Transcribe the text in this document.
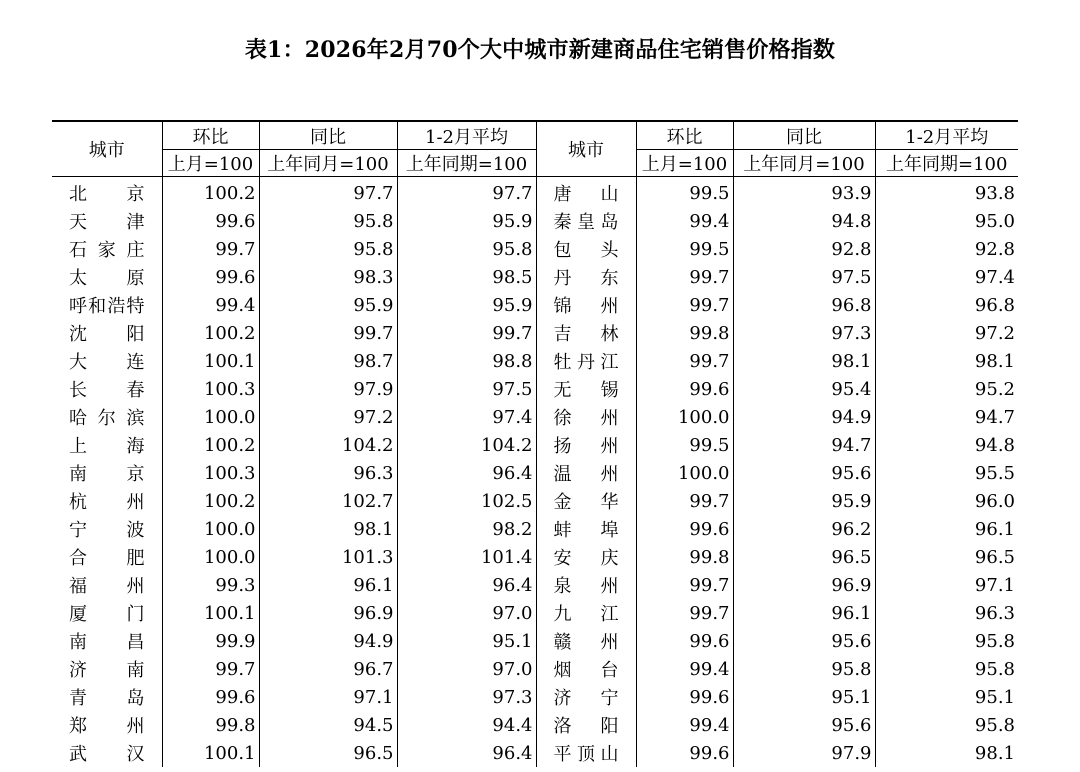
表1：2026年2月70个大中城市新建商品住宅销售价格指数
城市	环比	同比	1-2月平均	城市	环比	同比	1-2月平均
	上月=100	上年同月=100	上年同期=100		上月=100	上年同月=100	上年同期=100
北京	100.2	97.7	97.7	唐山	99.5	93.9	93.8
天津	99.6	95.8	95.9	秦皇岛	99.4	94.8	95.0
石家庄	99.7	95.8	95.8	包头	99.5	92.8	92.8
太原	99.6	98.3	98.5	丹东	99.7	97.5	97.4
呼和浩特	99.4	95.9	95.9	锦州	99.7	96.8	96.8
沈阳	100.2	99.7	99.7	吉林	99.8	97.3	97.2
大连	100.1	98.7	98.8	牡丹江	99.7	98.1	98.1
长春	100.3	97.9	97.5	无锡	99.6	95.4	95.2
哈尔滨	100.0	97.2	97.4	徐州	100.0	94.9	94.7
上海	100.2	104.2	104.2	扬州	99.5	94.7	94.8
南京	100.3	96.3	96.4	温州	100.0	95.6	95.5
杭州	100.2	102.7	102.5	金华	99.7	95.9	96.0
宁波	100.0	98.1	98.2	蚌埠	99.6	96.2	96.1
合肥	100.0	101.3	101.4	安庆	99.8	96.5	96.5
福州	99.3	96.1	96.4	泉州	99.7	96.9	97.1
厦门	100.1	96.9	97.0	九江	99.7	96.1	96.3
南昌	99.9	94.9	95.1	赣州	99.6	95.6	95.8
济南	99.7	96.7	97.0	烟台	99.4	95.8	95.8
青岛	99.6	97.1	97.3	济宁	99.6	95.1	95.1
郑州	99.8	94.5	94.4	洛阳	99.4	95.6	95.8
武汉	100.1	96.5	96.4	平顶山	99.6	97.9	98.1
